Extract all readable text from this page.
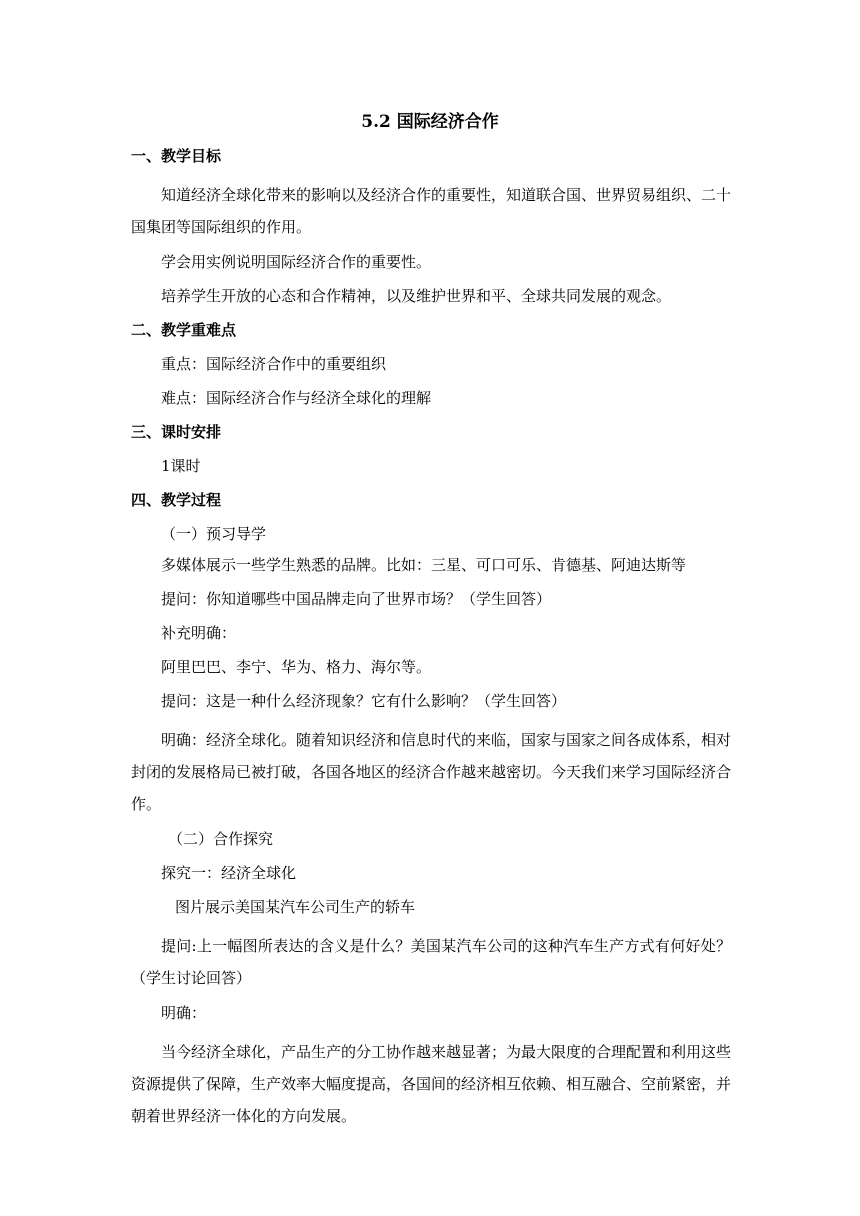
5.2 国际经济合作
一、教学目标
知道经济全球化带来的影响以及经济合作的重要性，知道联合国、世界贸易组织、二十国集团等国际组织的作用。
学会用实例说明国际经济合作的重要性。
培养学生开放的心态和合作精神，以及维护世界和平、全球共同发展的观念。
二、教学重难点
重点：国际经济合作中的重要组织
难点：国际经济合作与经济全球化的理解
三、课时安排
1课时
四、教学过程
（一）预习导学
多媒体展示一些学生熟悉的品牌。比如：三星、可口可乐、肯德基、阿迪达斯等
提问：你知道哪些中国品牌走向了世界市场？（学生回答）
补充明确：
阿里巴巴、李宁、华为、格力、海尔等。
提问：这是一种什么经济现象？它有什么影响？（学生回答）
明确：经济全球化。随着知识经济和信息时代的来临，国家与国家之间各成体系，相对封闭的发展格局已被打破，各国各地区的经济合作越来越密切。今天我们来学习国际经济合作。
（二）合作探究
探究一：经济全球化
图片展示美国某汽车公司生产的轿车
提问:上一幅图所表达的含义是什么？美国某汽车公司的这种汽车生产方式有何好处？（学生讨论回答）
明确：
当今经济全球化，产品生产的分工协作越来越显著；为最大限度的合理配置和利用这些资源提供了保障，生产效率大幅度提高，各国间的经济相互依赖、相互融合、空前紧密，并朝着世界经济一体化的方向发展。
